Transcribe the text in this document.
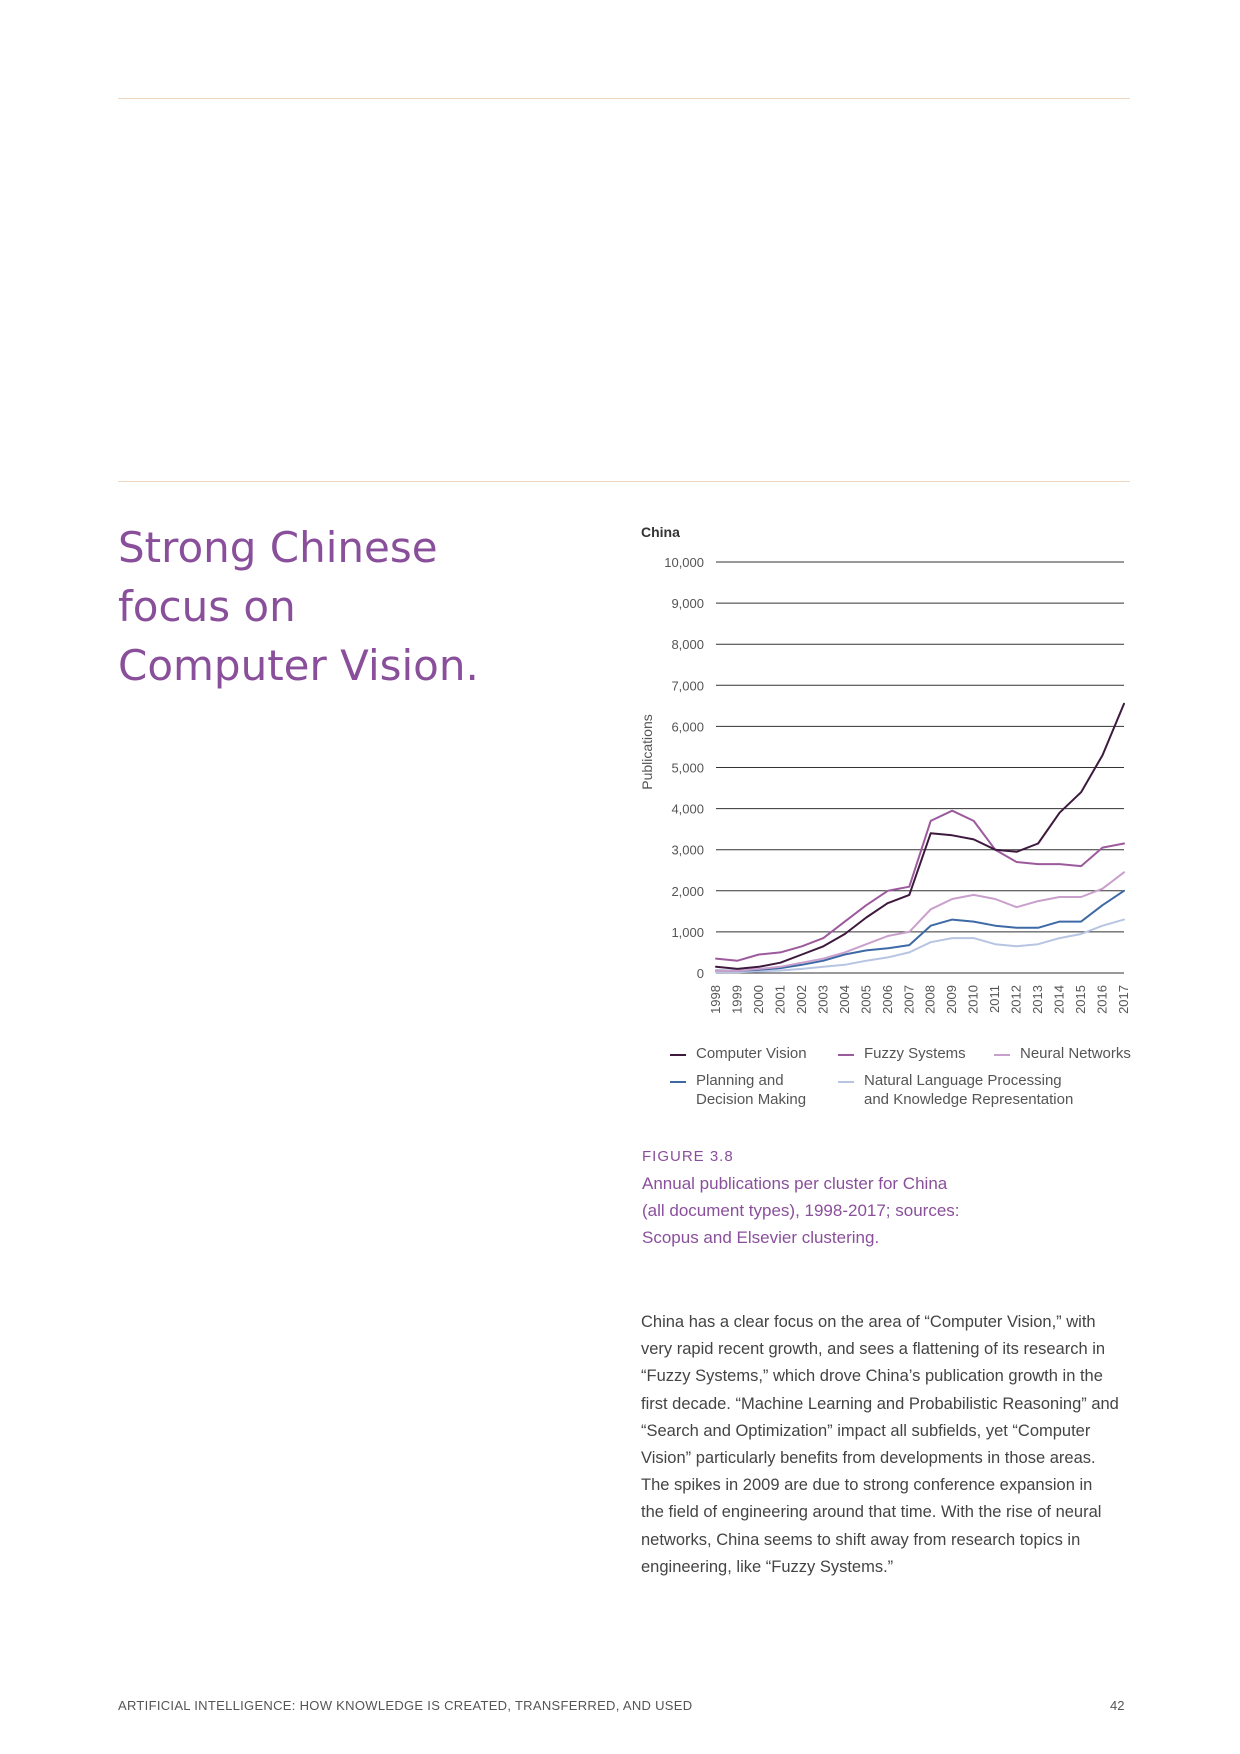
Strong Chinese
focus on
Computer Vision.
China
Publications
0
1,000
2,000
3,000
4,000
5,000
6,000
7,000
8,000
9,000
10,000
1998 1999 2000 2001 2002 2003 2004 2005 2006 2007 2008 2009 2010 2011 2012 2013 2014 2015 2016 2017
Computer Vision	Fuzzy Systems	Neural Networks
Planning and
Decision Making
Natural Language Processing
and Knowledge Representation

FIGURE 3.8

Annual publications per cluster for China
(all document types), 1998-2017; sources:
Scopus and Elsevier clustering.

China has a clear focus on the area of “Computer Vision,” with
very rapid recent growth, and sees a flattening of its research in
“Fuzzy Systems,” which drove China’s publication growth in the
first decade. “Machine Learning and Probabilistic Reasoning” and
“Search and Optimization” impact all subfields, yet “Computer
Vision” particularly benefits from developments in those areas.
The spikes in 2009 are due to strong conference expansion in
the field of engineering around that time. With the rise of neural
networks, China seems to shift away from research topics in
engineering, like “Fuzzy Systems.”
ARTIFICIAL INTELLIGENCE: HOW KNOWLEDGE IS CREATED, TRANSFERRED, AND USED	42
